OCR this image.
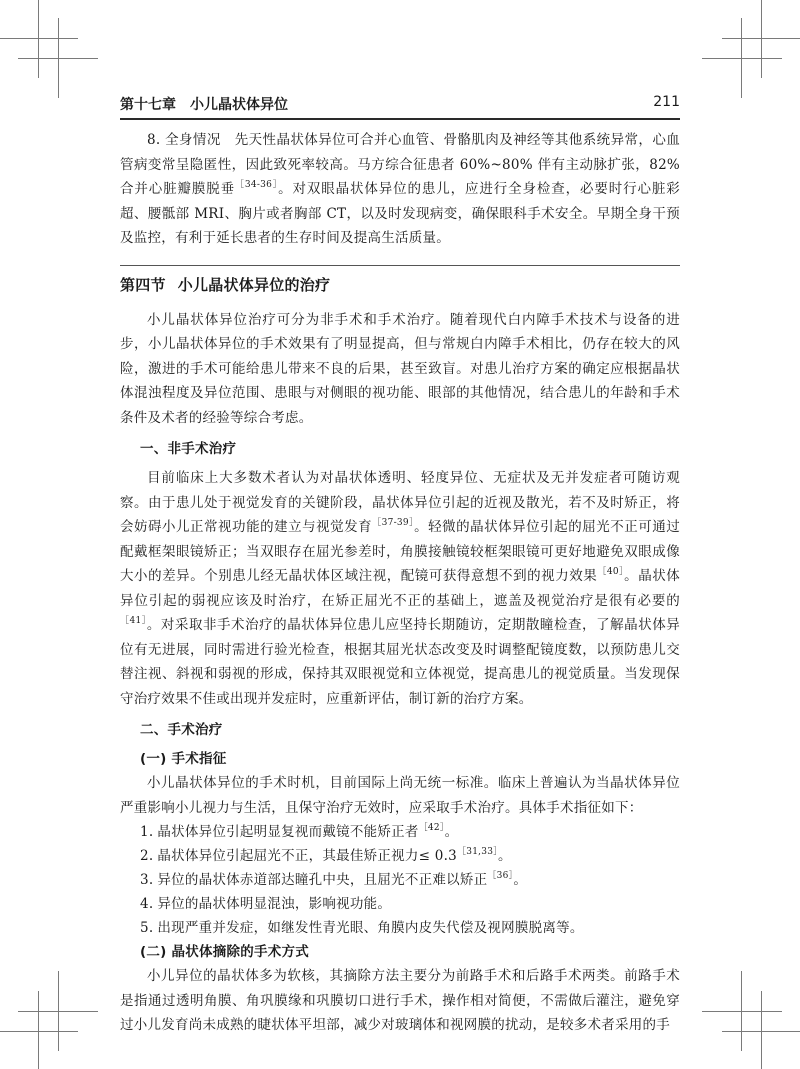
第十七章　小儿晶状体异位	211

8. 全身情况　 先天性晶状体异位可合并心血管、骨骼肌肉及神经等其他系统异常，心血管病变常呈隐匿性，因此致死率较高。马方综合征患者 60%~80% 伴有主动脉扩张，82% 合并心脏瓣膜脱垂$^{[34-36]}$。对双眼晶状体异位的患儿，应进行全身检查，必要时行心脏彩超、腰骶部 MRI、胸片或者胸部 CT，以及时发现病变，确保眼科手术安全。早期全身干预及监控，有利于延长患者的生存时间及提高生活质量。

第四节 小儿晶状体异位的治疗

小儿晶状体异位治疗可分为非手术和手术治疗。随着现代白内障手术技术与设备的进步，小儿晶状体异位的手术效果有了明显提高，但与常规白内障手术相比，仍存在较大的风险，激进的手术可能给患儿带来不良的后果，甚至致盲。对患儿治疗方案的确定应根据晶状体混浊程度及异位范围、患眼与对侧眼的视功能、眼部的其他情况，结合患儿的年龄和手术条件及术者的经验等综合考虑。

一、非手术治疗

目前临床上大多数术者认为对晶状体透明、轻度异位、无症状及无并发症者可随访观察。由于患儿处于视觉发育的关键阶段，晶状体异位引起的近视及散光，若不及时矫正，将会妨碍小儿正常视功能的建立与视觉发育$^{[37-39]}$。轻微的晶状体异位引起的屈光不正可通过配戴框架眼镜矫正；当双眼存在屈光参差时，角膜接触镜较框架眼镜可更好地避免双眼成像大小的差异。个别患儿经无晶状体区域注视，配镜可获得意想不到的视力效果$^{[40]}$。晶状体异位引起的弱视应该及时治疗，在矫正屈光不正的基础上，遮盖及视觉治疗是很有必要的$^{[41]}$。对采取非手术治疗的晶状体异位患儿应坚持长期随访，定期散瞳检查，了解晶状体异位有无进展，同时需进行验光检查，根据其屈光状态改变及时调整配镜度数，以预防患儿交替注视、斜视和弱视的形成，保持其双眼视觉和立体视觉，提高患儿的视觉质量。当发现保守治疗效果不佳或出现并发症时，应重新评估，制订新的治疗方案。

二、手术治疗
(一) 手术指征

小儿晶状体异位的手术时机，目前国际上尚无统一标准。临床上普遍认为当晶状体异位严重影响小儿视力与生活，且保守治疗无效时，应采取手术治疗。具体手术指征如下：

1. 晶状体异位引起明显复视而戴镜不能矫正者$^{[42]}$。
2. 晶状体异位引起屈光不正，其最佳矫正视力≤ $0.3^{[31,33]}$。
3. 异位的晶状体赤道部达瞳孔中央，且屈光不正难以矫正$^{[36]}$。
4. 异位的晶状体明显混浊，影响视功能。
5. 出现严重并发症，如继发性青光眼、角膜内皮失代偿及视网膜脱离等。
(二) 晶状体摘除的手术方式

小儿异位的晶状体多为软核，其摘除方法主要分为前路手术和后路手术两类。前路手术是指通过透明角膜、角巩膜缘和巩膜切口进行手术，操作相对简便，不需做后灌注，避免穿过小儿发育尚未成熟的睫状体平坦部，减少对玻璃体和视网膜的扰动，是较多术者采用的手
